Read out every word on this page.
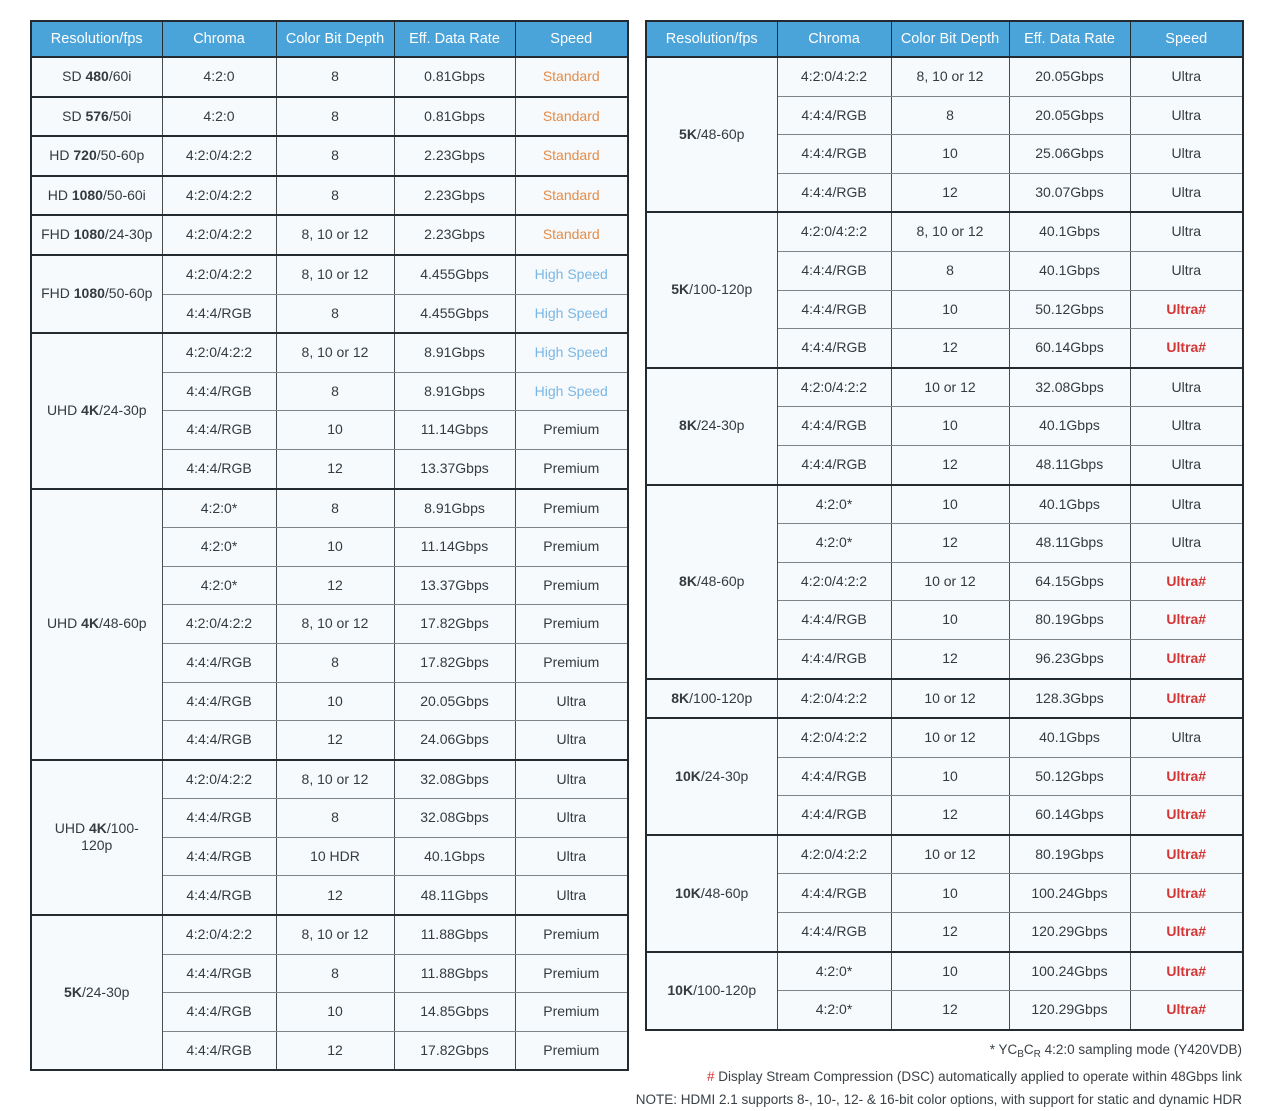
Resolution/fps	Chroma	Color Bit Depth	Eff. Data Rate	Speed
SD 480/60i	4:2:0	8	0.81Gbps	Standard
SD 576/50i	4:2:0	8	0.81Gbps	Standard
HD 720/50-60p	4:2:0/4:2:2	8	2.23Gbps	Standard
HD 1080/50-60i	4:2:0/4:2:2	8	2.23Gbps	Standard
FHD 1080/24-30p	4:2:0/4:2:2	8, 10 or 12	2.23Gbps	Standard
FHD 1080/50-60p	4:2:0/4:2:2	8, 10 or 12	4.455Gbps	High Speed
	4:4:4/RGB	8	4.455Gbps	High Speed
UHD 4K/24-30p	4:2:0/4:2:2	8, 10 or 12	8.91Gbps	High Speed
	4:4:4/RGB	8	8.91Gbps	High Speed
	4:4:4/RGB	10	11.14Gbps	Premium
	4:4:4/RGB	12	13.37Gbps	Premium
UHD 4K/48-60p	4:2:0*	8	8.91Gbps	Premium
	4:2:0*	10	11.14Gbps	Premium
	4:2:0*	12	13.37Gbps	Premium
	4:2:0/4:2:2	8, 10 or 12	17.82Gbps	Premium
	4:4:4/RGB	8	17.82Gbps	Premium
	4:4:4/RGB	10	20.05Gbps	Ultra
	4:4:4/RGB	12	24.06Gbps	Ultra
UHD 4K/100-120p	4:2:0/4:2:2	8, 10 or 12	32.08Gbps	Ultra
	4:4:4/RGB	8	32.08Gbps	Ultra
	4:4:4/RGB	10 HDR	40.1Gbps	Ultra
	4:4:4/RGB	12	48.11Gbps	Ultra
5K/24-30p	4:2:0/4:2:2	8, 10 or 12	11.88Gbps	Premium
	4:4:4/RGB	8	11.88Gbps	Premium
	4:4:4/RGB	10	14.85Gbps	Premium
	4:4:4/RGB	12	17.82Gbps	Premium
Resolution/fps	Chroma	Color Bit Depth	Eff. Data Rate	Speed
5K/48-60p	4:2:0/4:2:2	8, 10 or 12	20.05Gbps	Ultra
	4:4:4/RGB	8	20.05Gbps	Ultra
	4:4:4/RGB	10	25.06Gbps	Ultra
	4:4:4/RGB	12	30.07Gbps	Ultra
5K/100-120p	4:2:0/4:2:2	8, 10 or 12	40.1Gbps	Ultra
	4:4:4/RGB	8	40.1Gbps	Ultra
	4:4:4/RGB	10	50.12Gbps	Ultra#
	4:4:4/RGB	12	60.14Gbps	Ultra#
8K/24-30p	4:2:0/4:2:2	10 or 12	32.08Gbps	Ultra
	4:4:4/RGB	10	40.1Gbps	Ultra
	4:4:4/RGB	12	48.11Gbps	Ultra
8K/48-60p	4:2:0*	10	40.1Gbps	Ultra
	4:2:0*	12	48.11Gbps	Ultra
	4:2:0/4:2:2	10 or 12	64.15Gbps	Ultra#
	4:4:4/RGB	10	80.19Gbps	Ultra#
	4:4:4/RGB	12	96.23Gbps	Ultra#
8K/100-120p	4:2:0/4:2:2	10 or 12	128.3Gbps	Ultra#
10K/24-30p	4:2:0/4:2:2	10 or 12	40.1Gbps	Ultra
	4:4:4/RGB	10	50.12Gbps	Ultra#
	4:4:4/RGB	12	60.14Gbps	Ultra#
10K/48-60p	4:2:0/4:2:2	10 or 12	80.19Gbps	Ultra#
	4:4:4/RGB	10	100.24Gbps	Ultra#
	4:4:4/RGB	12	120.29Gbps	Ultra#
10K/100-120p	4:2:0*	10	100.24Gbps	Ultra#
	4:2:0*	12	120.29Gbps	Ultra#
* $YC_BC_R$ 4:2:0 sampling mode (Y420VDB)
# Display Stream Compression (DSC) automatically applied to operate within 48Gbps link
NOTE: HDMI 2.1 supports 8-, 10-, 12- & 16-bit color options, with support for static and dynamic HDR
